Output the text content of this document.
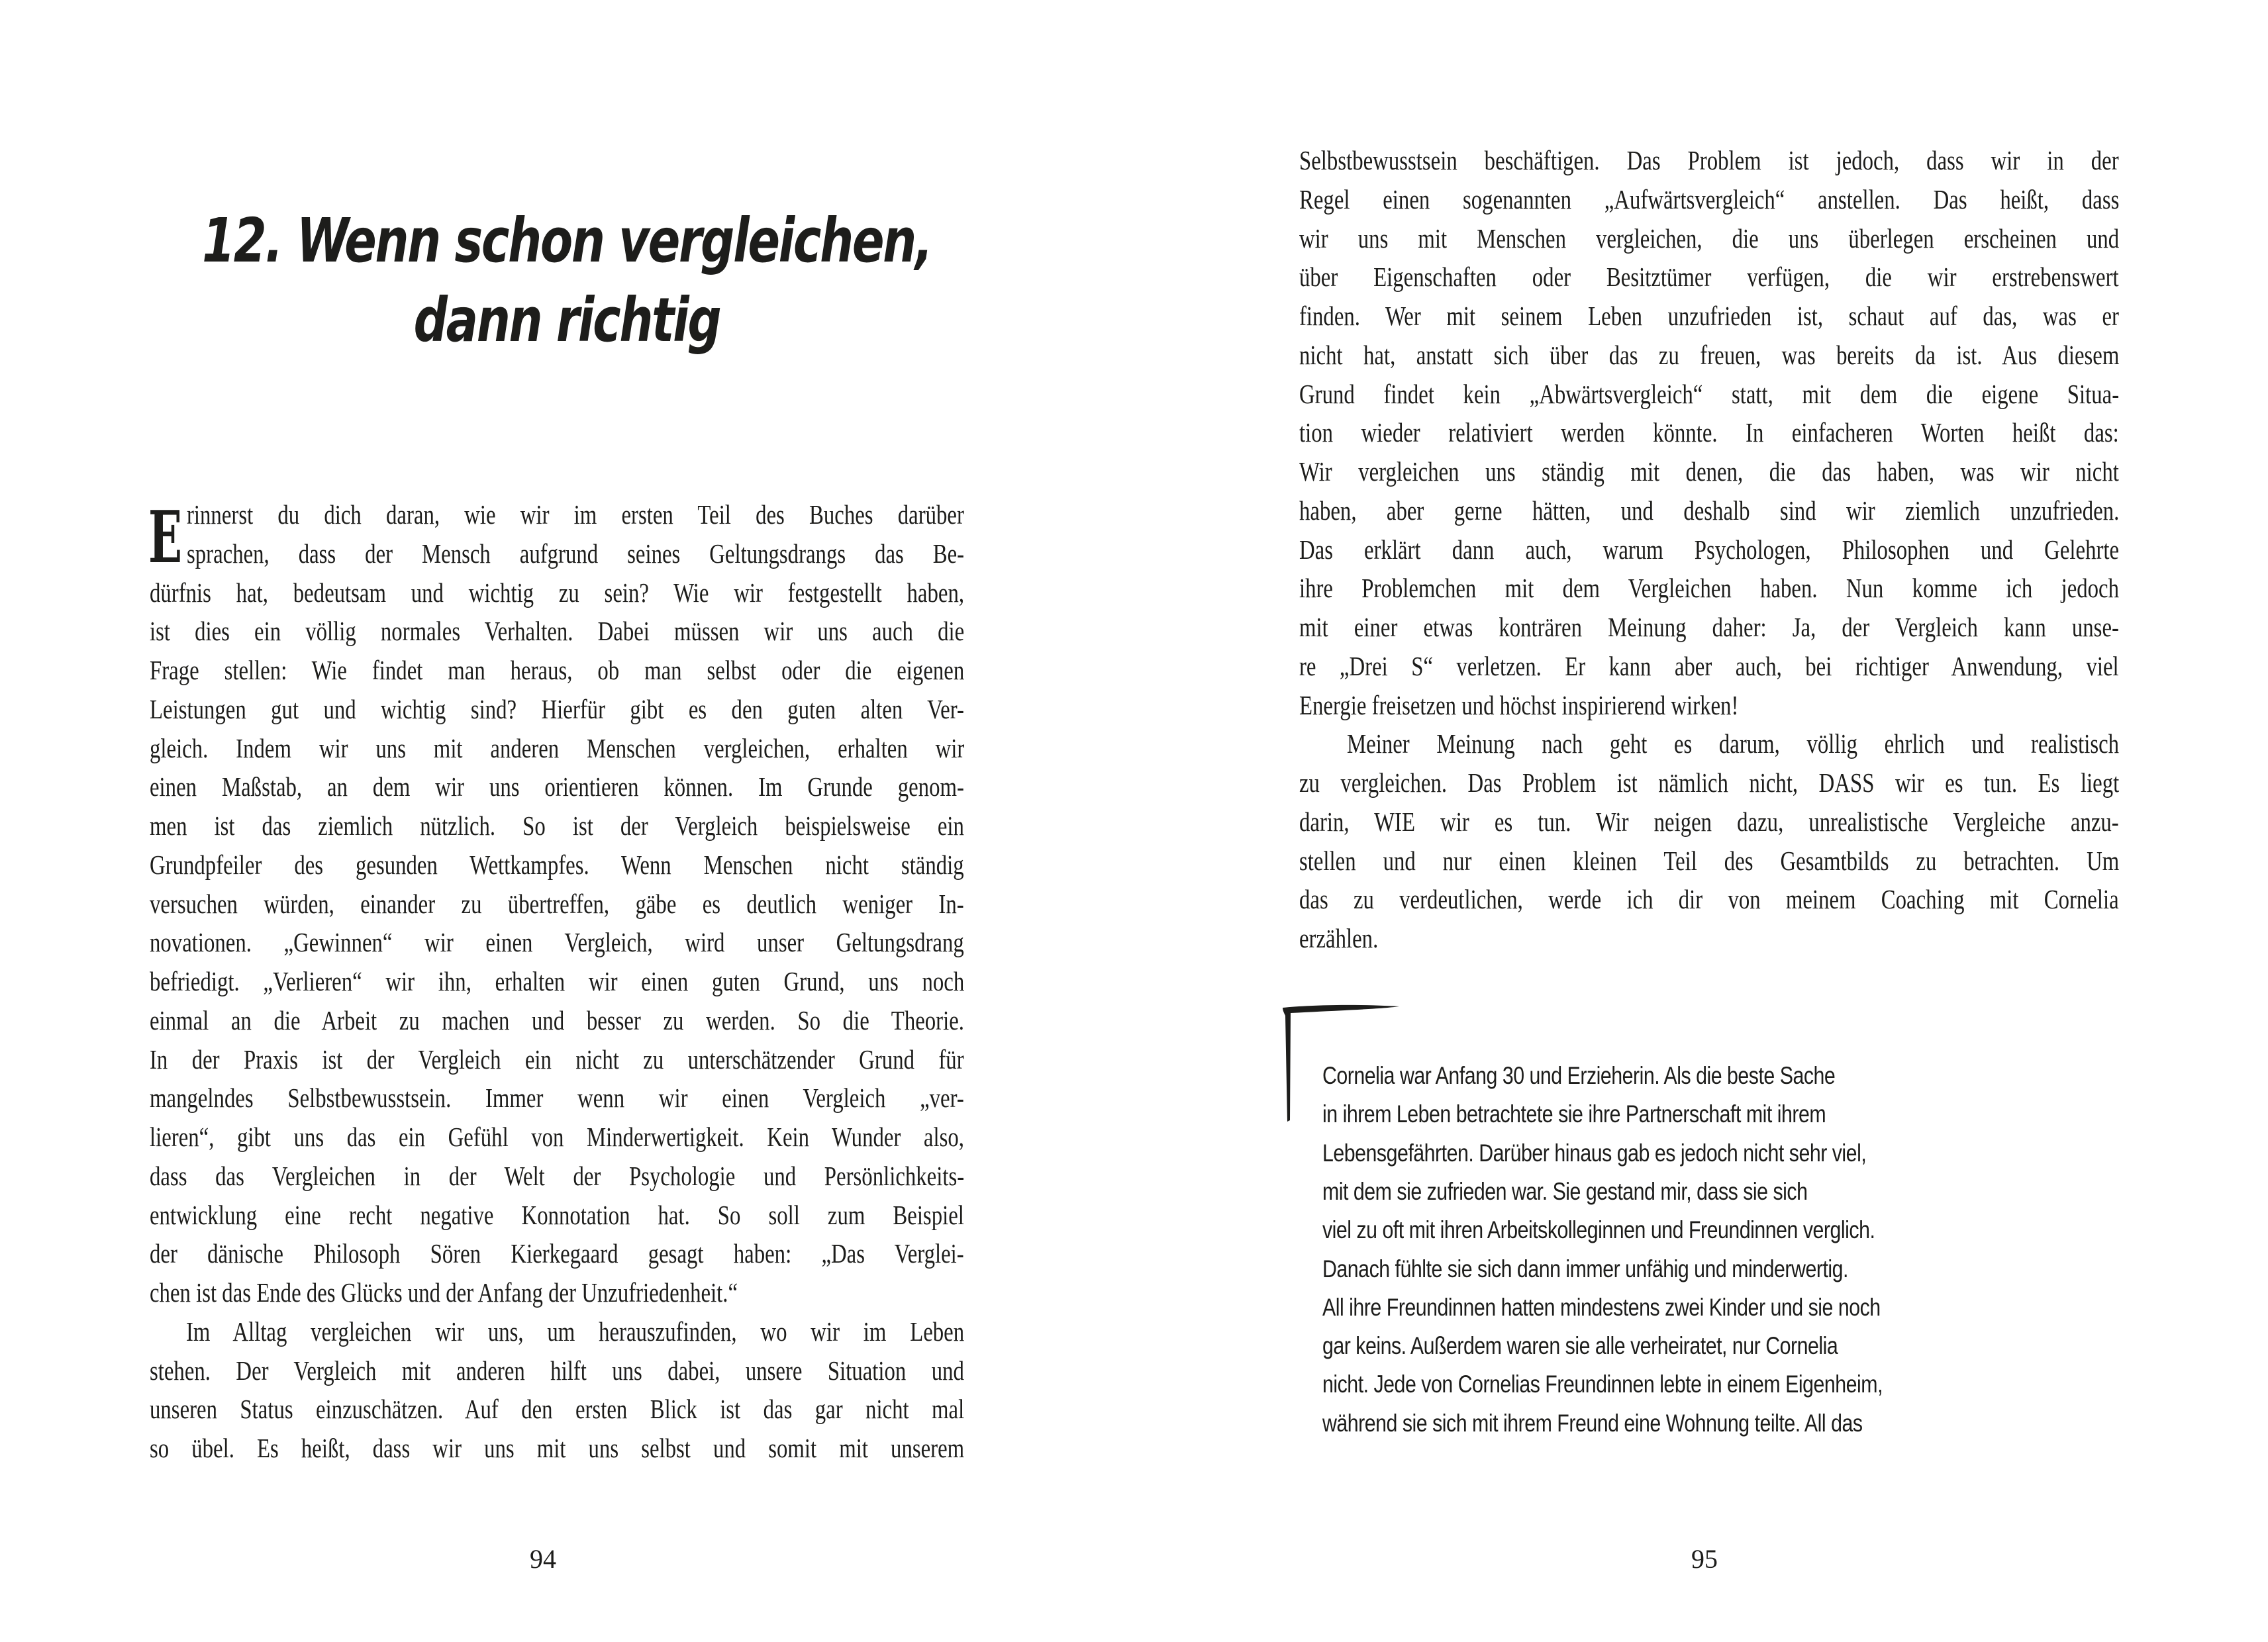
12. Wenn schon vergleichen,
dann richtig
E rinnerst du dich daran, wie wir im ersten Teil des Buches darüber
sprachen, dass der Mensch aufgrund seines Geltungsdrangs das Be-
dürfnis hat, bedeutsam und wichtig zu sein? Wie wir festgestellt haben,
ist dies ein völlig normales Verhalten. Dabei müssen wir uns auch die
Frage stellen: Wie findet man heraus, ob man selbst oder die eigenen
Leistungen gut und wichtig sind? Hierfür gibt es den guten alten Ver-
gleich. Indem wir uns mit anderen Menschen vergleichen, erhalten wir
einen Maßstab, an dem wir uns orientieren können. Im Grunde genom-
men ist das ziemlich nützlich. So ist der Vergleich beispielsweise ein
Grundpfeiler des gesunden Wettkampfes. Wenn Menschen nicht ständig
versuchen würden, einander zu übertreffen, gäbe es deutlich weniger In-
novationen. „Gewinnen“ wir einen Vergleich, wird unser Geltungsdrang
befriedigt. „Verlieren“ wir ihn, erhalten wir einen guten Grund, uns noch
einmal an die Arbeit zu machen und besser zu werden. So die Theorie.
In der Praxis ist der Vergleich ein nicht zu unterschätzender Grund für
mangelndes Selbstbewusstsein. Immer wenn wir einen Vergleich „ver-
lieren“, gibt uns das ein Gefühl von Minderwertigkeit. Kein Wunder also,
dass das Vergleichen in der Welt der Psychologie und Persönlichkeits-
entwicklung eine recht negative Konnotation hat. So soll zum Beispiel
der dänische Philosoph Sören Kierkegaard gesagt haben: „Das Verglei-
chen ist das Ende des Glücks und der Anfang der Unzufriedenheit.“
Im Alltag vergleichen wir uns, um herauszufinden, wo wir im Leben
stehen. Der Vergleich mit anderen hilft uns dabei, unsere Situation und
unseren Status einzuschätzen. Auf den ersten Blick ist das gar nicht mal
so übel. Es heißt, dass wir uns mit uns selbst und somit mit unserem
94
Selbstbewusstsein beschäftigen. Das Problem ist jedoch, dass wir in der
Regel einen sogenannten „Aufwärtsvergleich“ anstellen. Das heißt, dass
wir uns mit Menschen vergleichen, die uns überlegen erscheinen und
über Eigenschaften oder Besitztümer verfügen, die wir erstrebenswert
finden. Wer mit seinem Leben unzufrieden ist, schaut auf das, was er
nicht hat, anstatt sich über das zu freuen, was bereits da ist. Aus diesem
Grund findet kein „Abwärtsvergleich“ statt, mit dem die eigene Situa-
tion wieder relativiert werden könnte. In einfacheren Worten heißt das:
Wir vergleichen uns ständig mit denen, die das haben, was wir nicht
haben, aber gerne hätten, und deshalb sind wir ziemlich unzufrieden.
Das erklärt dann auch, warum Psychologen, Philosophen und Gelehrte
ihre Problemchen mit dem Vergleichen haben. Nun komme ich jedoch
mit einer etwas konträren Meinung daher: Ja, der Vergleich kann unse-
re „Drei S“ verletzen. Er kann aber auch, bei richtiger Anwendung, viel
Energie freisetzen und höchst inspirierend wirken!
Meiner Meinung nach geht es darum, völlig ehrlich und realistisch
zu vergleichen. Das Problem ist nämlich nicht, DASS wir es tun. Es liegt
darin, WIE wir es tun. Wir neigen dazu, unrealistische Vergleiche anzu-
stellen und nur einen kleinen Teil des Gesamtbilds zu betrachten. Um
das zu verdeutlichen, werde ich dir von meinem Coaching mit Cornelia
erzählen.
Cornelia war Anfang 30 und Erzieherin. Als die beste Sache
in ihrem Leben betrachtete sie ihre Partnerschaft mit ihrem
Lebensgefährten. Darüber hinaus gab es jedoch nicht sehr viel,
mit dem sie zufrieden war. Sie gestand mir, dass sie sich
viel zu oft mit ihren Arbeitskolleginnen und Freundinnen verglich.
Danach fühlte sie sich dann immer unfähig und minderwertig.
All ihre Freundinnen hatten mindestens zwei Kinder und sie noch
gar keins. Außerdem waren sie alle verheiratet, nur Cornelia
nicht. Jede von Cornelias Freundinnen lebte in einem Eigenheim,
während sie sich mit ihrem Freund eine Wohnung teilte. All das
95
